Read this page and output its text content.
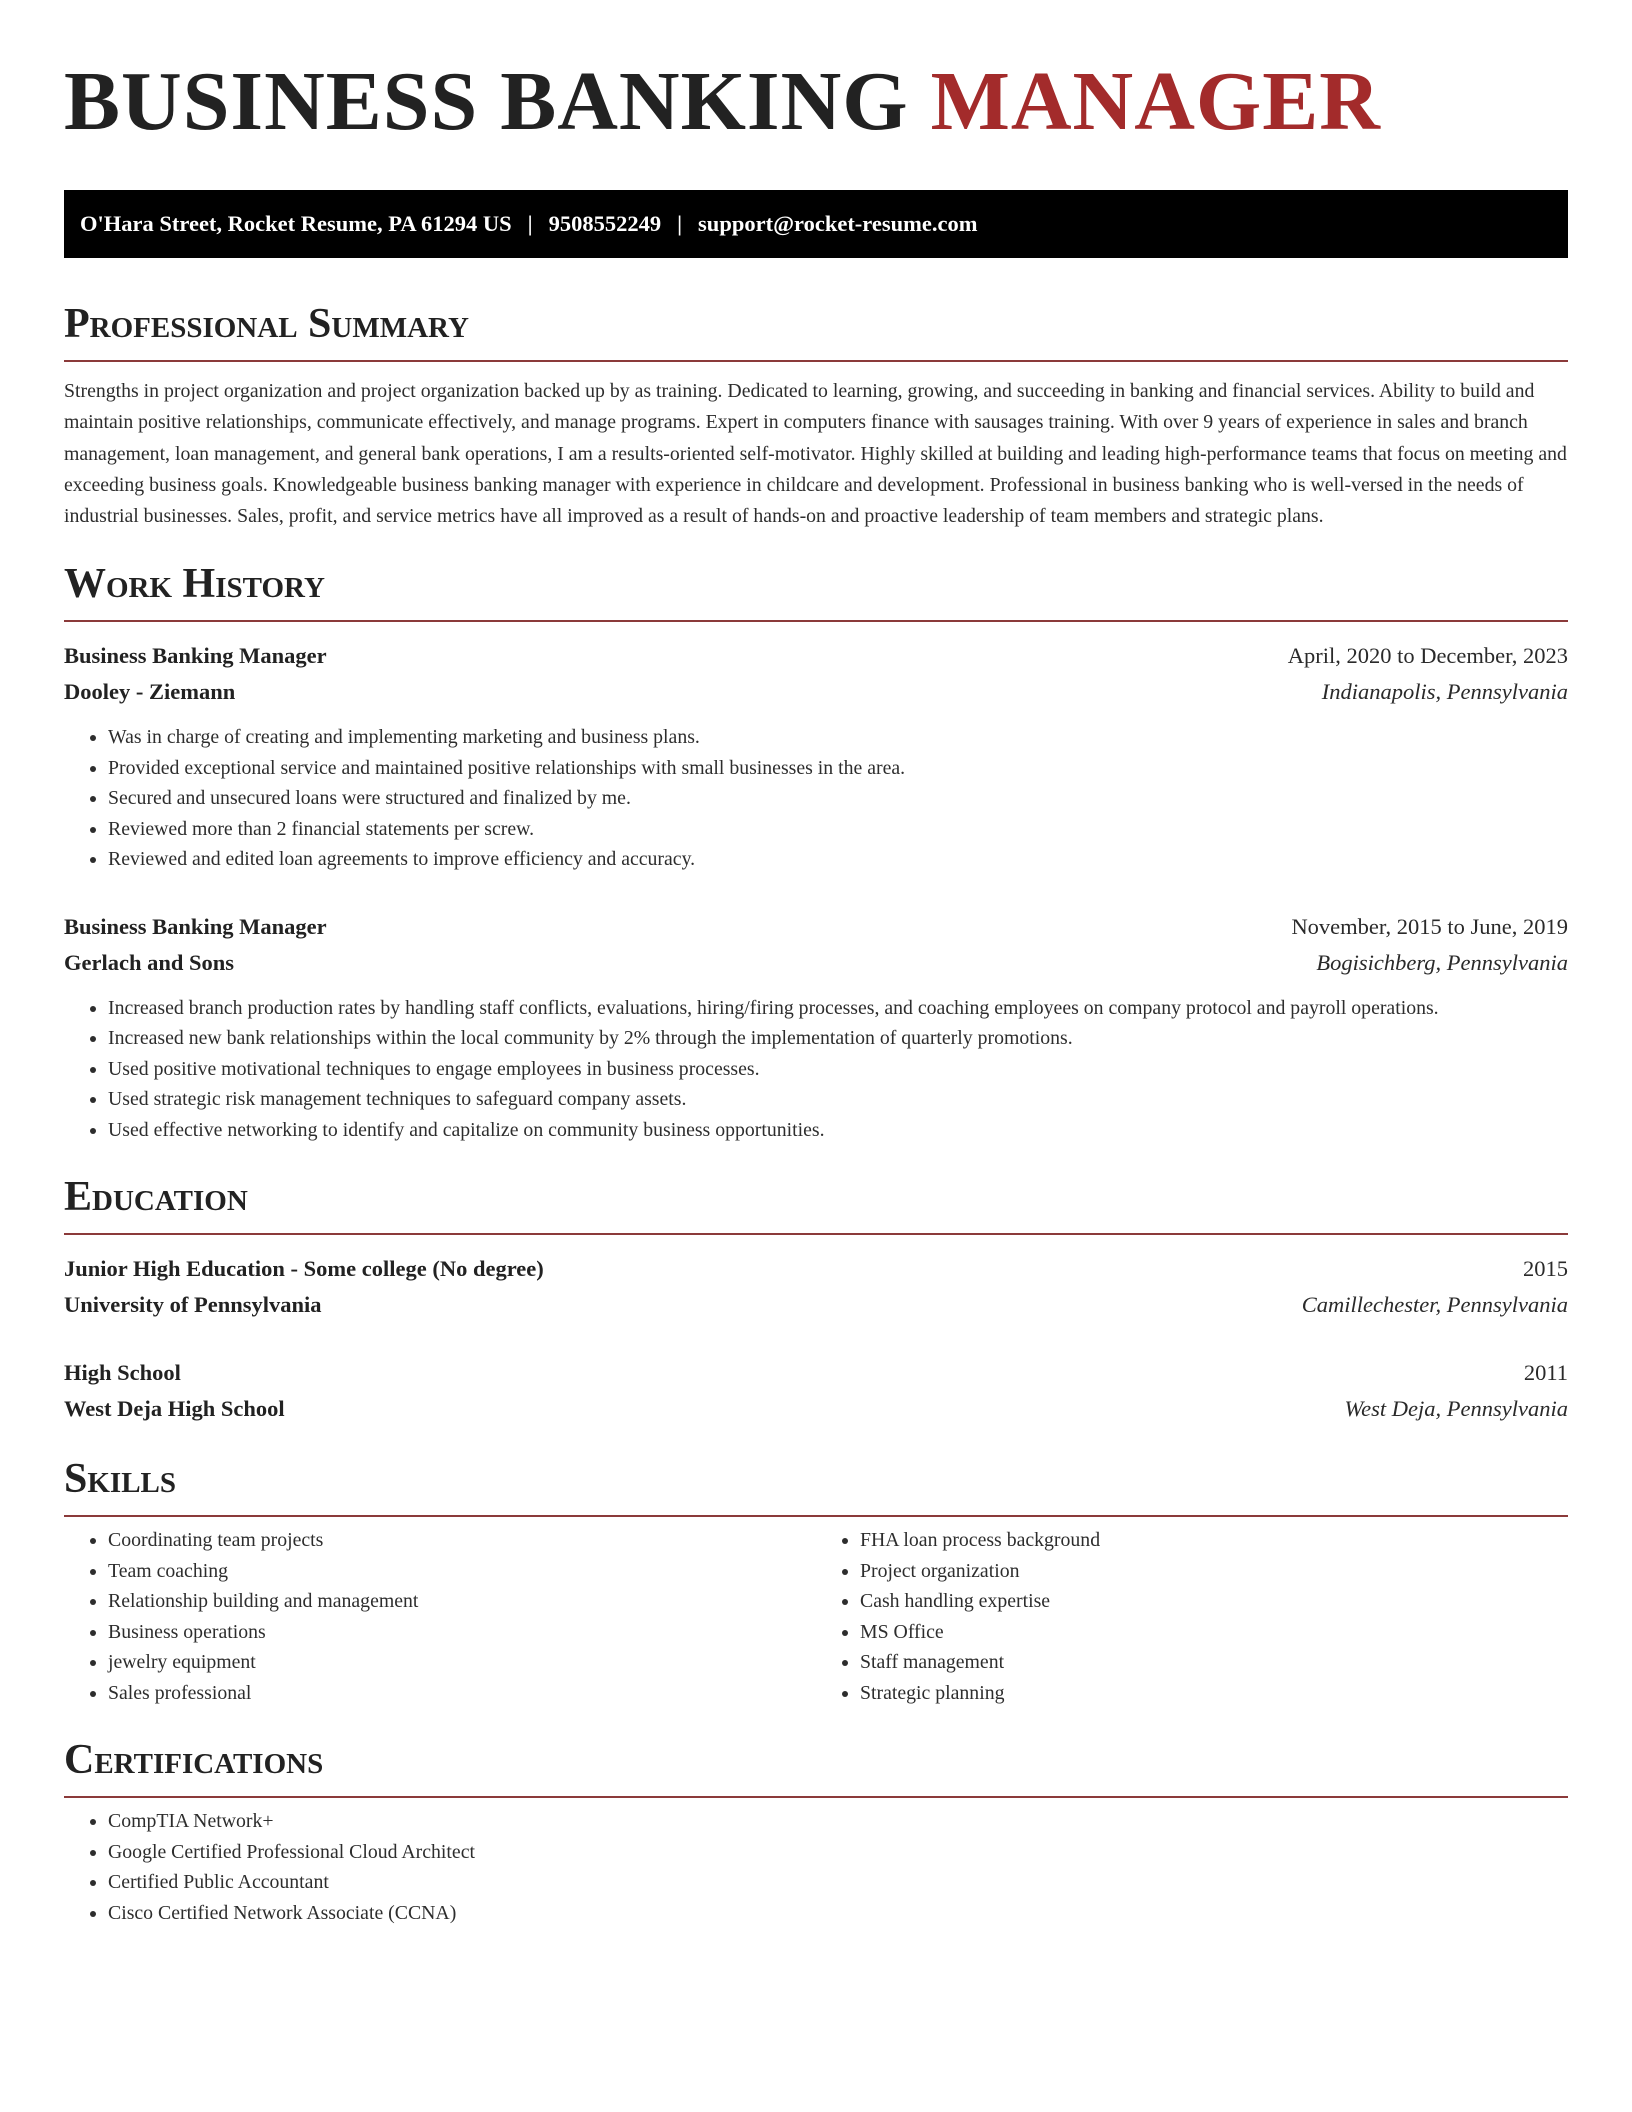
BUSINESS BANKING MANAGER
O'Hara Street, Rocket Resume, PA 61294 US | 9508552249 | support@rocket-resume.com
Professional Summary

Strengths in project organization and project organization backed up by as training. Dedicated to learning, growing, and succeeding in banking and financial services. Ability to build and maintain positive relationships, communicate effectively, and manage programs. Expert in computers finance with sausages training. With over 9 years of experience in sales and branch management, loan management, and general bank operations, I am a results-oriented self-motivator. Highly skilled at building and leading high-performance teams that focus on meeting and exceeding business goals. Knowledgeable business banking manager with experience in childcare and development. Professional in business banking who is well-versed in the needs of industrial businesses. Sales, profit, and service metrics have all improved as a result of hands-on and proactive leadership of team members and strategic plans.

Work History
Business Banking Manager	April, 2020 to December, 2023
Dooley - Ziemann	Indianapolis, Pennsylvania
• Was in charge of creating and implementing marketing and business plans.
• Provided exceptional service and maintained positive relationships with small businesses in the area.
• Secured and unsecured loans were structured and finalized by me.
• Reviewed more than 2 financial statements per screw.
• Reviewed and edited loan agreements to improve efficiency and accuracy.
Business Banking Manager	November, 2015 to June, 2019
Gerlach and Sons	Bogisichberg, Pennsylvania
• Increased branch production rates by handling staff conflicts, evaluations, hiring/firing processes, and coaching employees on company protocol and payroll operations.
• Increased new bank relationships within the local community by 2% through the implementation of quarterly promotions.
• Used positive motivational techniques to engage employees in business processes.
• Used strategic risk management techniques to safeguard company assets.
• Used effective networking to identify and capitalize on community business opportunities.
Education
Junior High Education - Some college (No degree)	2015
University of Pennsylvania	Camillechester, Pennsylvania
High School	2011
West Deja High School	West Deja, Pennsylvania
Skills
• Coordinating team projects
• Team coaching
• Relationship building and management
• Business operations
• jewelry equipment
• Sales professional
• FHA loan process background
• Project organization
• Cash handling expertise
• MS Office
• Staff management
• Strategic planning
Certifications
• CompTIA Network+
• Google Certified Professional Cloud Architect
• Certified Public Accountant
• Cisco Certified Network Associate (CCNA)
